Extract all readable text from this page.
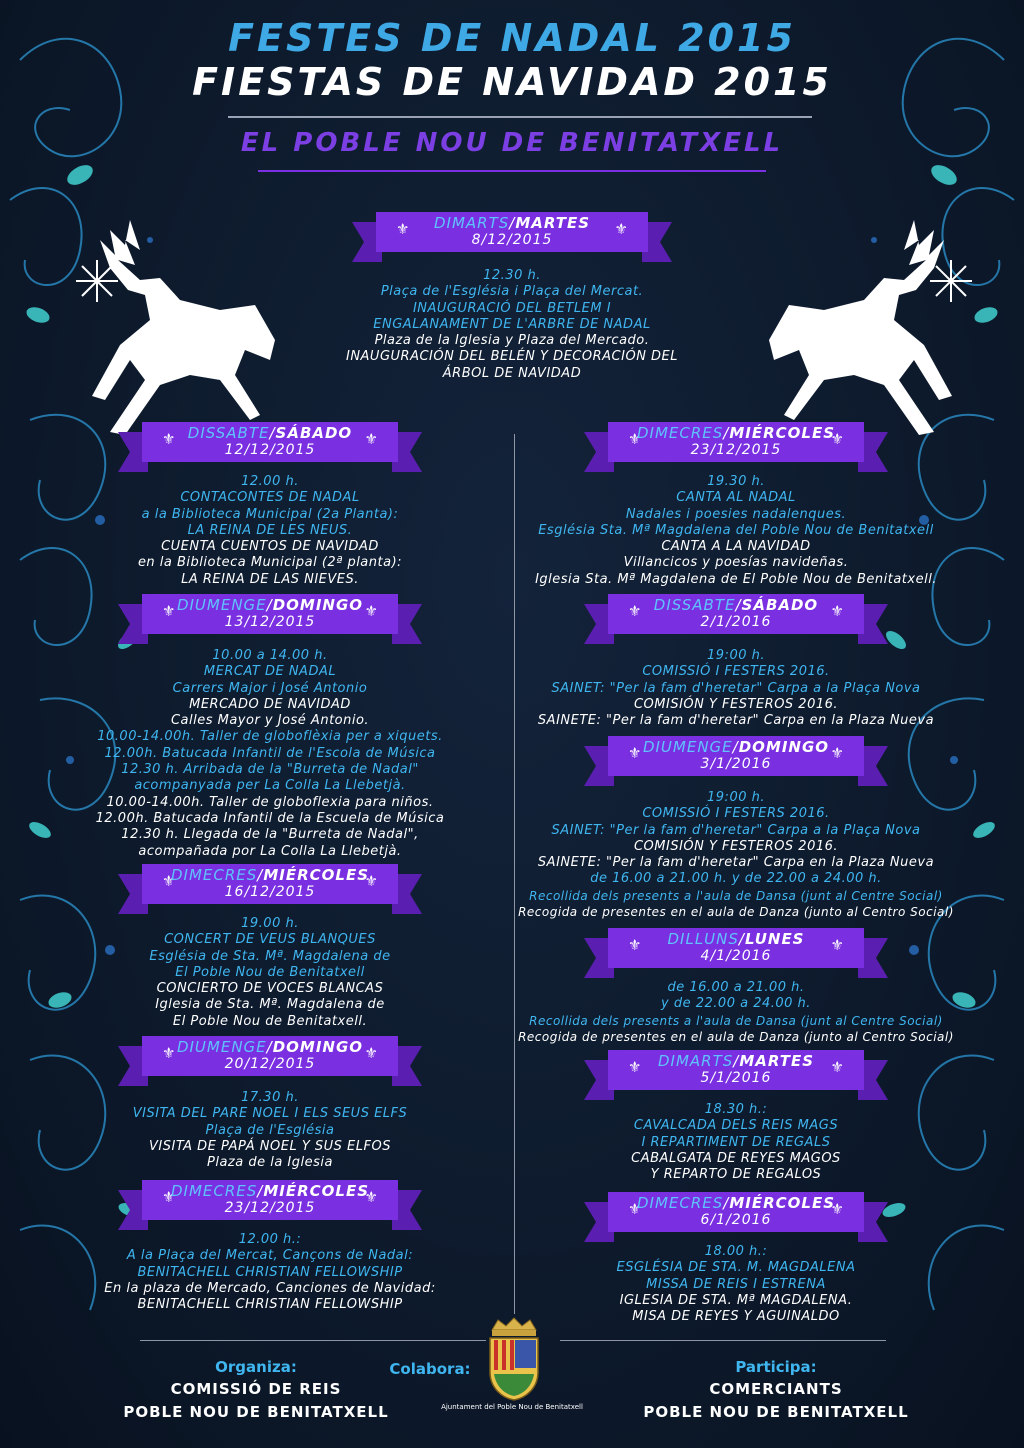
FESTES DE NADAL 2015
FIESTAS DE NAVIDAD 2015
EL POBLE NOU DE BENITATXELL
⚜	⚜
DIMARTS/MARTES
8/12/2015
12.30 h.
Plaça de l'Església i Plaça del Mercat.
INAUGURACIÓ DEL BETLEM I
ENGALANAMENT DE L'ARBRE DE NADAL
Plaza de la Iglesia y Plaza del Mercado.
INAUGURACIÓN DEL BELÉN Y DECORACIÓN DEL
ÁRBOL DE NAVIDAD
⚜	⚜
DISSABTE/SÁBADO
12/12/2015
12.00 h.
CONTACONTES DE NADAL
a la Biblioteca Municipal (2a Planta):
LA REINA DE LES NEUS.
CUENTA CUENTOS DE NAVIDAD
en la Biblioteca Municipal (2ª planta):
LA REINA DE LAS NIEVES.
⚜	⚜
DIUMENGE/DOMINGO
13/12/2015
10.00 a 14.00 h.
MERCAT DE NADAL
Carrers Major i José Antonio
MERCADO DE NAVIDAD
Calles Mayor y José Antonio.
10.00-14.00h. Taller de globoflèxia per a xiquets.
12.00h. Batucada Infantil de l'Escola de Música
12.30 h. Arribada de la "Burreta de Nadal"
acompanyada per La Colla La Llebetjà.
10.00-14.00h. Taller de globoflexia para niños.
12.00h. Batucada Infantil de la Escuela de Música
12.30 h. Llegada de la "Burreta de Nadal",
acompañada por La Colla La Llebetjà.
⚜	⚜
DIMECRES/MIÉRCOLES
16/12/2015
19.00 h.
CONCERT DE VEUS BLANQUES
Església de Sta. Mª. Magdalena de
El Poble Nou de Benitatxell
CONCIERTO DE VOCES BLANCAS
Iglesia de Sta. Mª. Magdalena de
El Poble Nou de Benitatxell.
⚜	⚜
DIUMENGE/DOMINGO
20/12/2015
17.30 h.
VISITA DEL PARE NOEL I ELS SEUS ELFS
Plaça de l'Església
VISITA DE PAPÁ NOEL Y SUS ELFOS
Plaza de la Iglesia
⚜	⚜
DIMECRES/MIÉRCOLES
23/12/2015
12.00 h.:
A la Plaça del Mercat, Cançons de Nadal:
BENITACHELL CHRISTIAN FELLOWSHIP
En la plaza de Mercado, Canciones de Navidad:
BENITACHELL CHRISTIAN FELLOWSHIP
⚜	⚜
DIMECRES/MIÉRCOLES
23/12/2015
19.30 h.
CANTA AL NADAL
Nadales i poesies nadalenques.
Església Sta. Mª Magdalena del Poble Nou de Benitatxell
CANTA A LA NAVIDAD
Villancicos y poesías navideñas.
Iglesia Sta. Mª Magdalena de El Poble Nou de Benitatxell.
⚜	⚜
DISSABTE/SÁBADO
2/1/2016
19:00 h.
COMISSIÓ I FESTERS 2016.
SAINET: "Per la fam d'heretar" Carpa a la Plaça Nova
COMISIÓN Y FESTEROS 2016.
SAINETE: "Per la fam d'heretar" Carpa en la Plaza Nueva
⚜	⚜
DIUMENGE/DOMINGO
3/1/2016
19:00 h.
COMISSIÓ I FESTERS 2016.
SAINET: "Per la fam d'heretar" Carpa a la Plaça Nova
COMISIÓN Y FESTEROS 2016.
SAINETE: "Per la fam d'heretar" Carpa en la Plaza Nueva
de 16.00 a 21.00 h. y de 22.00 a 24.00 h.
Recollida dels presents a l'aula de Dansa (junt al Centre Social)
Recogida de presentes en el aula de Danza (junto al Centro Social)
⚜	⚜
DILLUNS/LUNES
4/1/2016
de 16.00 a 21.00 h.
y de 22.00 a 24.00 h.
Recollida dels presents a l'aula de Dansa (junt al Centre Social)
Recogida de presentes en el aula de Danza (junto al Centro Social)
⚜	⚜
DIMARTS/MARTES
5/1/2016
18.30 h.:
CAVALCADA DELS REIS MAGS
I REPARTIMENT DE REGALS
CABALGATA DE REYES MAGOS
Y REPARTO DE REGALOS
⚜	⚜
DIMECRES/MIÉRCOLES
6/1/2016
18.00 h.:
ESGLÉSIA DE STA. M. MAGDALENA
MISSA DE REIS I ESTRENA
IGLESIA DE STA. Mª MAGDALENA.
MISA DE REYES Y AGUINALDO
Organiza:
COMISSIÓ DE REIS
POBLE NOU DE BENITATXELL
Colabora:
Ajuntament del Poble Nou de Benitatxell
Participa:
COMERCIANTS
POBLE NOU DE BENITATXELL
